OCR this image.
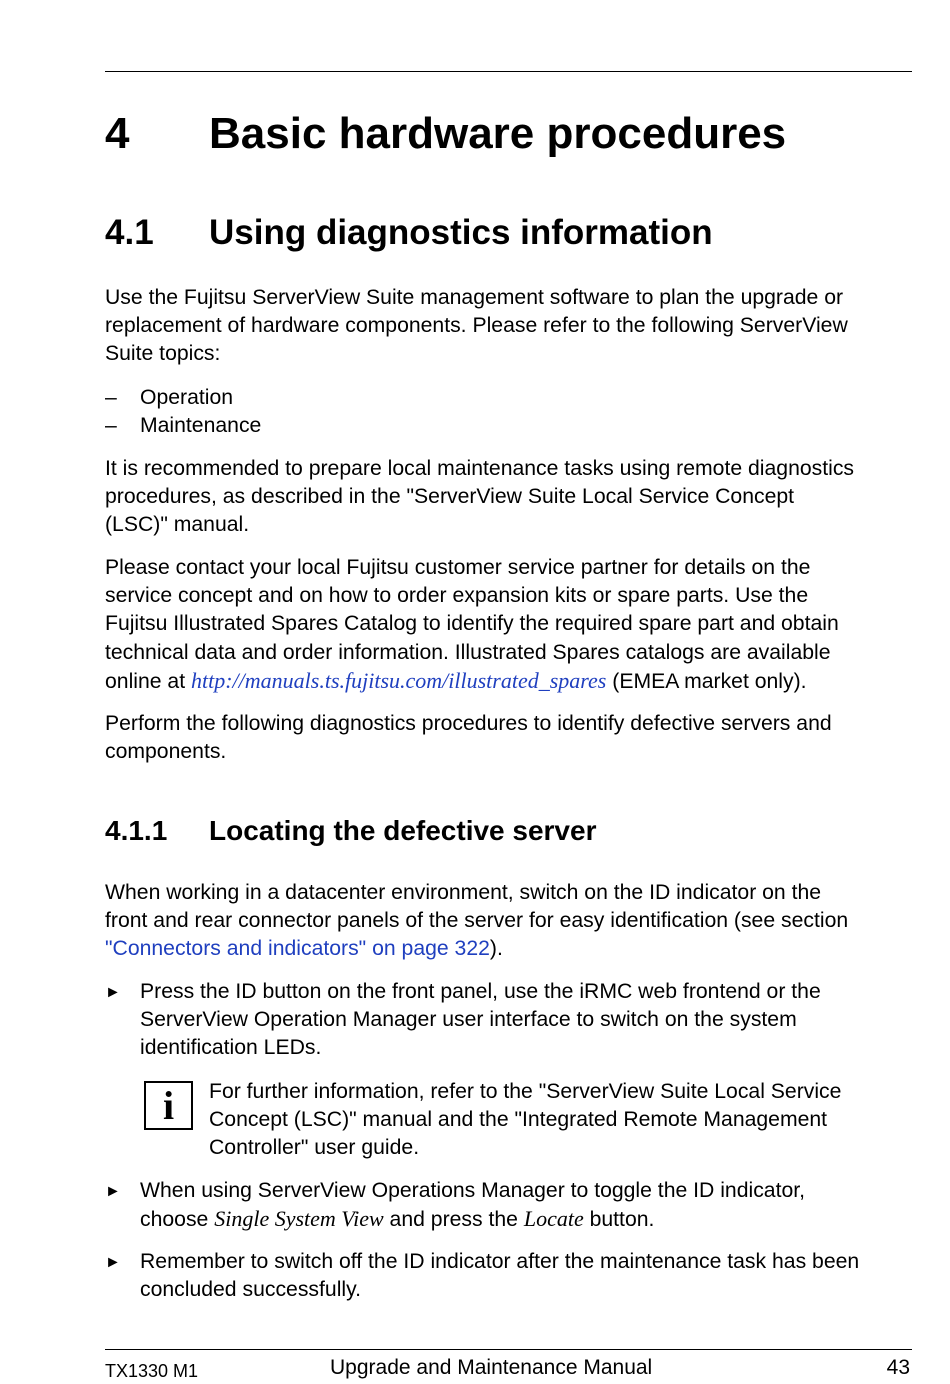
4 Basic hardware procedures
4.1 Using diagnostics information
Use the Fujitsu ServerView Suite management software to plan the upgrade or
replacement of hardware components. Please refer to the following ServerView
Suite topics:
– Operation
– Maintenance
It is recommended to prepare local maintenance tasks using remote diagnostics
procedures, as described in the "ServerView Suite Local Service Concept
(LSC)" manual.
Please contact your local Fujitsu customer service partner for details on the
service concept and on how to order expansion kits or spare parts. Use the
Fujitsu Illustrated Spares Catalog to identify the required spare part and obtain
technical data and order information. Illustrated Spares catalogs are available
online at http://manuals.ts.fujitsu.com/illustrated_spares (EMEA market only).
Perform the following diagnostics procedures to identify defective servers and
components.
4.1.1 Locating the defective server
When working in a datacenter environment, switch on the ID indicator on the
front and rear connector panels of the server for easy identification (see section
"Connectors and indicators" on page 322).
► Press the ID button on the front panel, use the iRMC web frontend or the
ServerView Operation Manager user interface to switch on the system
identification LEDs.
i	For further information, refer to the "ServerView Suite Local Service
Concept (LSC)" manual and the "Integrated Remote Management
Controller" user guide.
► When using ServerView Operations Manager to toggle the ID indicator,
choose Single System View and press the Locate button.
► Remember to switch off the ID indicator after the maintenance task has been
concluded successfully.
TX1330 M1	Upgrade and Maintenance Manual	43
